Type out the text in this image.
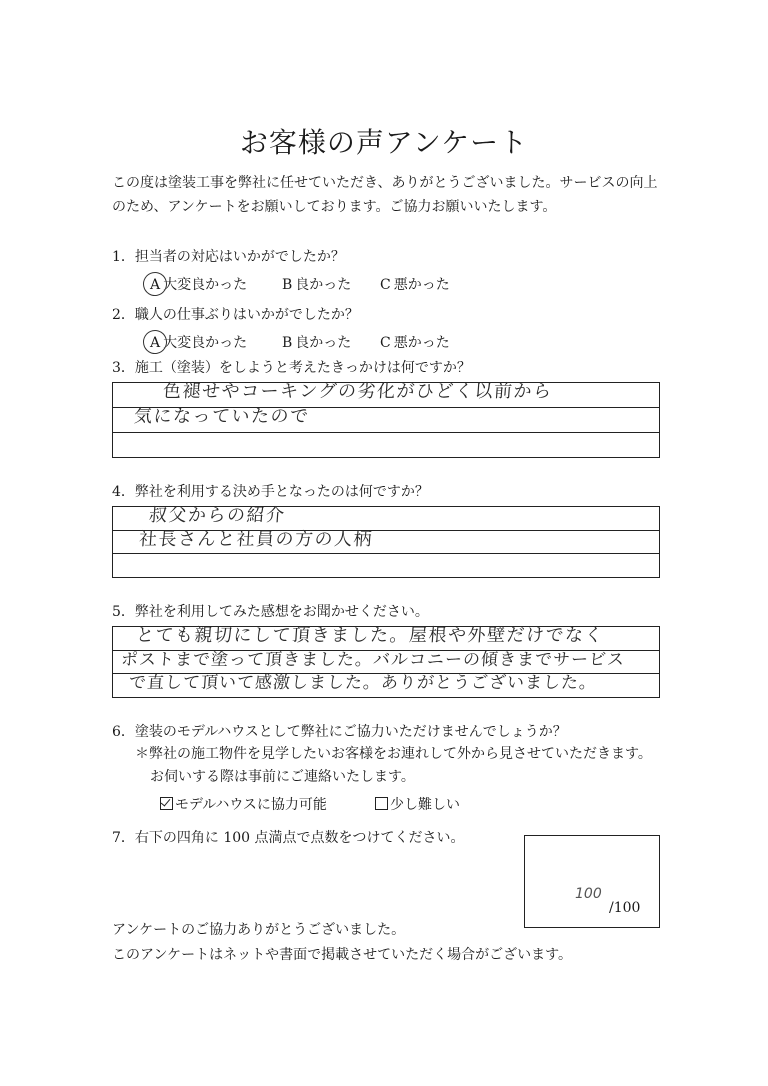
お客様の声アンケート
この度は塗装工事を弊社に任せていただき、ありがとうございました。サービスの向上
のため、アンケートをお願いしております。ご協力お願いいたします。
1．担当者の対応はいかがでしたか？
A 大変良かった B 良かった C 悪かった
2．職人の仕事ぶりはいかがでしたか？
A 大変良かった B 良かった C 悪かった
3．施工（塗装）をしようと考えたきっかけは何ですか？
色褪せやコーキングの劣化がひどく以前から
気になっていたので
4．弊社を利用する決め手となったのは何ですか？
叔父からの紹介
社長さんと社員の方の人柄
5．弊社を利用してみた感想をお聞かせください。
とても親切にして頂きました。屋根や外壁だけでなく
ポストまで塗って頂きました。バルコニーの傾きまでサービス
で直して頂いて感激しました。ありがとうございました。
6．塗装のモデルハウスとして弊社にご協力いただけませんでしょうか？
＊弊社の施工物件を見学したいお客様をお連れして外から見させていただきます。
お伺いする際は事前にご連絡いたします。
モデルハウスに協力可能	少し難しい
7．右下の四角に 100 点満点で点数をつけてください。
100
/100
アンケートのご協力ありがとうございました。
このアンケートはネットや書面で掲載させていただく場合がございます。
